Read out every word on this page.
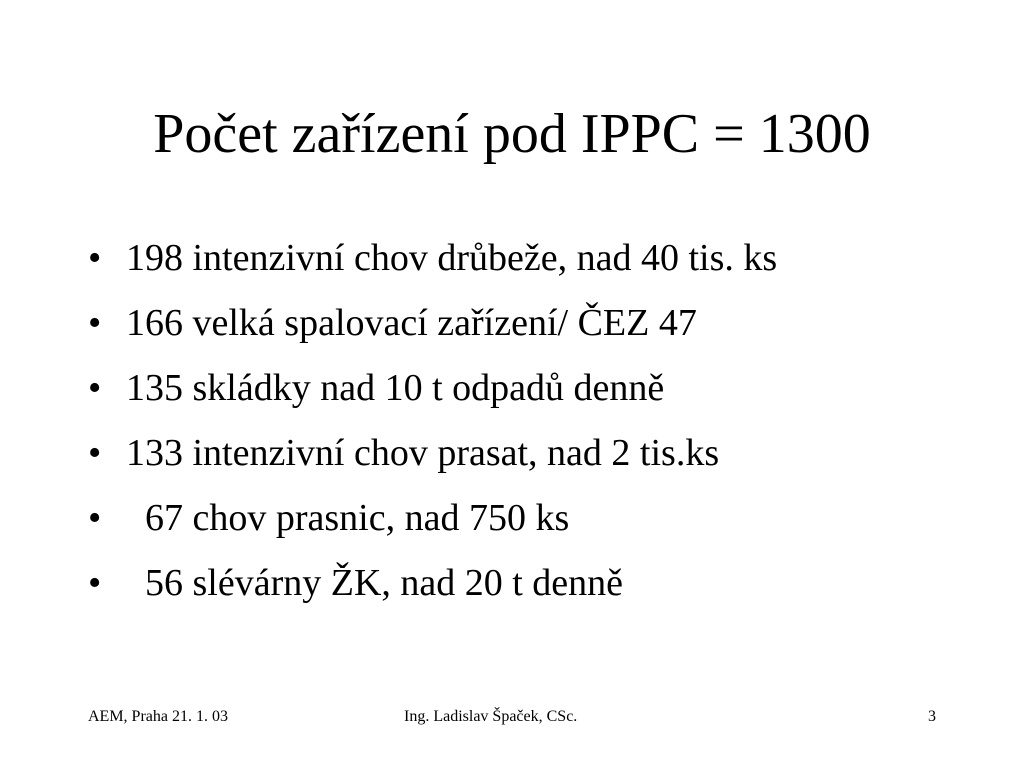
Počet zařízení pod IPPC = 1300
• 198 intenzivní chov drůbeže, nad 40 tis. ks
• 166 velká spalovací zařízení/ ČEZ 47
• 135 skládky nad 10 t odpadů denně
• 133 intenzivní chov prasat, nad 2 tis.ks
• 67 chov prasnic, nad 750 ks
• 56 slévárny ŽK, nad 20 t denně
AEM, Praha 21. 1. 03	Ing. Ladislav Špaček, CSc.	3
